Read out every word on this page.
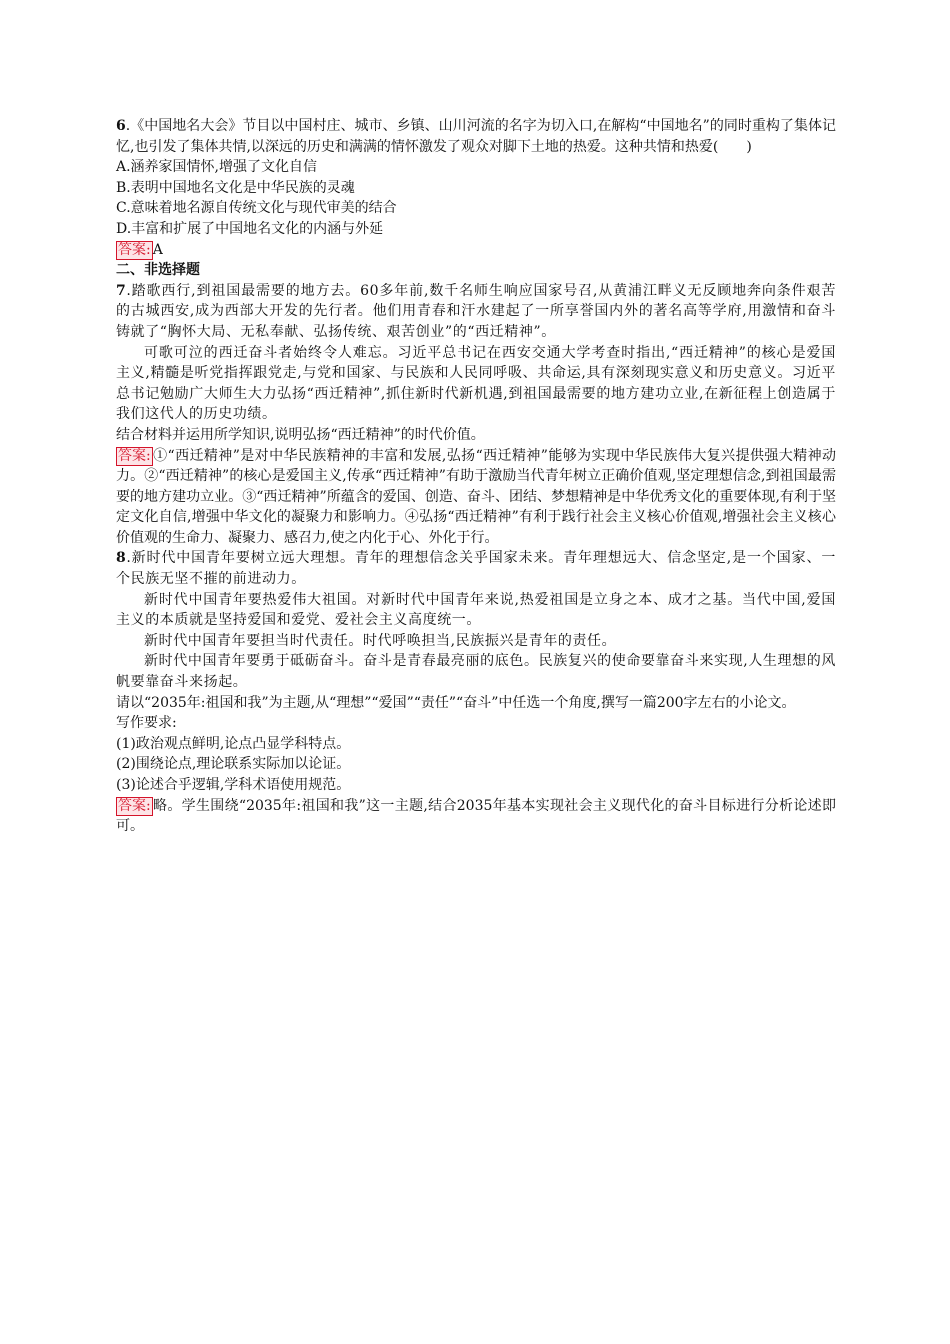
6.《中国地名大会》节目以中国村庄、城市、乡镇、山川河流的名字为切入口,在解构“中国地名”的同时重构了集体记忆,也引发了集体共情,以深远的历史和满满的情怀激发了观众对脚下土地的热爱。这种共情和热爱(　　)

A.涵养家国情怀,增强了文化自信

B.表明中国地名文化是中华民族的灵魂

C.意味着地名源自传统文化与现代审美的结合

D.丰富和扩展了中国地名文化的内涵与外延

答案: A

二、非选择题

7.踏歌西行,到祖国最需要的地方去。60多年前,数千名师生响应国家号召,从黄浦江畔义无反顾地奔向条件艰苦的古城西安,成为西部大开发的先行者。他们用青春和汗水建起了一所享誉国内外的著名高等学府,用激情和奋斗铸就了“胸怀大局、无私奉献、弘扬传统、艰苦创业”的“西迁精神”。

可歌可泣的西迁奋斗者始终令人难忘。习近平总书记在西安交通大学考查时指出,“西迁精神”的核心是爱国主义,精髓是听党指挥跟党走,与党和国家、与民族和人民同呼吸、共命运,具有深刻现实意义和历史意义。习近平总书记勉励广大师生大力弘扬“西迁精神”,抓住新时代新机遇,到祖国最需要的地方建功立业,在新征程上创造属于我们这代人的历史功绩。

结合材料并运用所学知识,说明弘扬“西迁精神”的时代价值。

答案: ①“西迁精神”是对中华民族精神的丰富和发展,弘扬“西迁精神”能够为实现中华民族伟大复兴提供强大精神动力。②“西迁精神”的核心是爱国主义,传承“西迁精神”有助于激励当代青年树立正确价值观,坚定理想信念,到祖国最需要的地方建功立业。③“西迁精神”所蕴含的爱国、创造、奋斗、团结、梦想精神是中华优秀文化的重要体现,有利于坚定文化自信,增强中华文化的凝聚力和影响力。④弘扬“西迁精神”有利于践行社会主义核心价值观,增强社会主义核心价值观的生命力、凝聚力、感召力,使之内化于心、外化于行。

8.新时代中国青年要树立远大理想。青年的理想信念关乎国家未来。青年理想远大、信念坚定,是一个国家、一个民族无坚不摧的前进动力。

新时代中国青年要热爱伟大祖国。对新时代中国青年来说,热爱祖国是立身之本、成才之基。当代中国,爱国主义的本质就是坚持爱国和爱党、爱社会主义高度统一。

新时代中国青年要担当时代责任。时代呼唤担当,民族振兴是青年的责任。

新时代中国青年要勇于砥砺奋斗。奋斗是青春最亮丽的底色。民族复兴的使命要靠奋斗来实现,人生理想的风帆要靠奋斗来扬起。

请以“2035年:祖国和我”为主题,从“理想”“爱国”“责任”“奋斗”中任选一个角度,撰写一篇200字左右的小论文。

写作要求:

(1)政治观点鲜明,论点凸显学科特点。

(2)围绕论点,理论联系实际加以论证。

(3)论述合乎逻辑,学科术语使用规范。

答案: 略。学生围绕“2035年:祖国和我”这一主题,结合2035年基本实现社会主义现代化的奋斗目标进行分析论述即可。
